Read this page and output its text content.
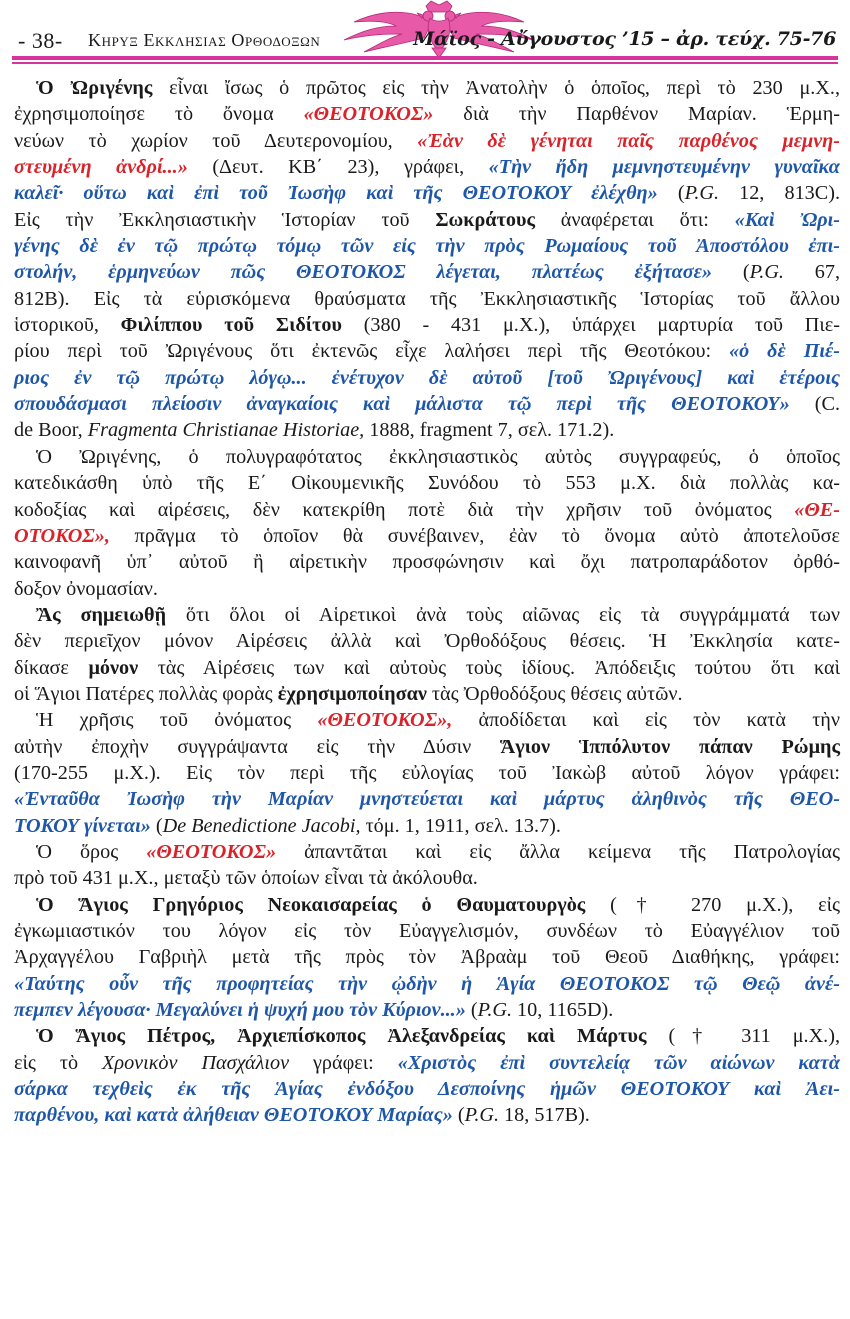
- 38- Κηρυξ Εκκλησιας Ορθοδοξων	Μάϊος - Αὔγουστος ’15 – ἀρ. τεύχ. 75-76
Ὁ Ὠριγένης εἶναι ἴσως ὁ πρῶτος εἰς τὴν Ἀνατολὴν ὁ ὁποῖος, περὶ τὸ 230 μ.Χ.,
ἐχρησιμοποίησε τὸ ὄνομα «ΘΕΟΤΟΚΟΣ» διὰ τὴν Παρθένον Μαρίαν. Ἑρμη-
νεύων τὸ χωρίον τοῦ Δευτερονομίου, «Ἐὰν δὲ γένηται παῖς παρθένος μεμνη-
στευμένη ἀνδρί...» (Δευτ. ΚΒ΄ 23), γράφει, «Τὴν ἤδη μεμνηστευμένην γυναῖκα
καλεῖ· οὕτω καὶ ἐπὶ τοῦ Ἰωσὴφ καὶ τῆς ΘΕΟΤΟΚΟΥ ἐλέχθη» (P.G. 12, 813C).
Εἰς τὴν Ἐκκλησιαστικὴν Ἱστορίαν τοῦ Σωκράτους ἀναφέρεται ὅτι: «Καὶ Ὠρι-
γένης δὲ ἐν τῷ πρώτῳ τόμῳ τῶν εἰς τὴν πρὸς Ρωμαίους τοῦ Ἀποστόλου ἐπι-
στολήν, ἑρμηνεύων πῶς ΘΕΟΤΟΚΟΣ λέγεται, πλατέως ἐξήτασε» (P.G. 67,
812B). Εἰς τὰ εὑρισκόμενα θραύσματα τῆς Ἐκκλησιαστικῆς Ἱστορίας τοῦ ἄλλου
ἱστορικοῦ, Φιλίππου τοῦ Σιδίτου (380 - 431 μ.Χ.), ὑπάρχει μαρτυρία τοῦ Πιε-
ρίου περὶ τοῦ Ὠριγένους ὅτι ἐκτενῶς εἶχε λαλήσει περὶ τῆς Θεοτόκου: «ὁ δὲ Πιέ-
ριος ἐν τῷ πρώτῳ λόγῳ... ἐνέτυχον δὲ αὐτοῦ [τοῦ Ὠριγένους] καὶ ἑτέροις
σπουδάσμασι πλείοσιν ἀναγκαίοις καὶ μάλιστα τῷ περὶ τῆς ΘΕΟΤΟΚΟΥ» (C.
de Boor, Fragmenta Christianae Historiae, 1888, fragment 7, σελ. 171.2).
Ὁ Ὠριγένης, ὁ πολυγραφότατος ἐκκλησιαστικὸς αὐτὸς συγγραφεύς, ὁ ὁποῖος
κατεδικάσθη ὑπὸ τῆς Ε΄ Οἰκουμενικῆς Συνόδου τὸ 553 μ.Χ. διὰ πολλὰς κα-
κοδοξίας καὶ αἱρέσεις, δὲν κατεκρίθη ποτὲ διὰ τὴν χρῆσιν τοῦ ὀνόματος «ΘΕ-
ΟΤΟΚΟΣ», πρᾶγμα τὸ ὁποῖον θὰ συνέβαινεν, ἐὰν τὸ ὄνομα αὐτὸ ἀποτελοῦσε
καινοφανῆ ὑπ᾽ αὐτοῦ ἢ αἱρετικὴν προσφώνησιν καὶ ὄχι πατροπαράδοτον ὀρθό-
δοξον ὀνομασίαν.
Ἂς σημειωθῇ ὅτι ὅλοι οἱ Αἱρετικοὶ ἀνὰ τοὺς αἰῶνας εἰς τὰ συγγράμματά των
δὲν περιεῖχον μόνον Αἱρέσεις ἀλλὰ καὶ Ὀρθοδόξους θέσεις. Ἡ Ἐκκλησία κατε-
δίκασε μόνον τὰς Αἱρέσεις των καὶ αὐτοὺς τοὺς ἰδίους. Ἀπόδειξις τούτου ὅτι καὶ
οἱ Ἅγιοι Πατέρες πολλὰς φορὰς ἐχρησιμοποίησαν τὰς Ὀρθοδόξους θέσεις αὐτῶν.
Ἡ χρῆσις τοῦ ὀνόματος «ΘΕΟΤΟΚΟΣ», ἀποδίδεται καὶ εἰς τὸν κατὰ τὴν
αὐτὴν ἐποχὴν συγγράψαντα εἰς τὴν Δύσιν Ἅγιον Ἱππόλυτον πάπαν Ρώμης
(170-255 μ.Χ.). Εἰς τὸν περὶ τῆς εὐλογίας τοῦ Ἰακὼβ αὐτοῦ λόγον γράφει:
«Ἐνταῦθα Ἰωσὴφ τὴν Μαρίαν μνηστεύεται καὶ μάρτυς ἀληθινὸς τῆς ΘΕΟ-
ΤΟΚΟΥ γίνεται» (De Benedictione Jacobi, τόμ. 1, 1911, σελ. 13.7).
Ὁ ὅρος «ΘΕΟΤΟΚΟΣ» ἀπαντᾶται καὶ εἰς ἄλλα κείμενα τῆς Πατρολογίας
πρὸ τοῦ 431 μ.Χ., μεταξὺ τῶν ὁποίων εἶναι τὰ ἀκόλουθα.
Ὁ Ἅγιος Γρηγόριος Νεοκαισαρείας ὁ Θαυματουργὸς († 270 μ.Χ.), εἰς
ἐγκωμιαστικόν του λόγον εἰς τὸν Εὐαγγελισμόν, συνδέων τὸ Εὐαγγέλιον τοῦ
Ἀρχαγγέλου Γαβριὴλ μετὰ τῆς πρὸς τὸν Ἀβραὰμ τοῦ Θεοῦ Διαθήκης, γράφει:
«Ταύτης οὖν τῆς προφητείας τὴν ᾠδὴν ἡ Ἁγία ΘΕΟΤΟΚΟΣ τῷ Θεῷ ἀνέ-
πεμπεν λέγουσα· Μεγαλύνει ἡ ψυχή μου τὸν Κύριον...» (P.G. 10, 1165D).
Ὁ Ἅγιος Πέτρος, Ἀρχιεπίσκοπος Ἀλεξανδρείας καὶ Μάρτυς († 311 μ.Χ.),
εἰς τὸ Χρονικὸν Πασχάλιον γράφει: «Χριστὸς ἐπὶ συντελείᾳ τῶν αἰώνων κατὰ
σάρκα τεχθεὶς ἐκ τῆς Ἁγίας ἐνδόξου Δεσποίνης ἡμῶν ΘΕΟΤΟΚΟΥ καὶ Ἀει-
παρθένου, καὶ κατὰ ἀλήθειαν ΘΕΟΤΟΚΟΥ Μαρίας» (P.G. 18, 517B).
